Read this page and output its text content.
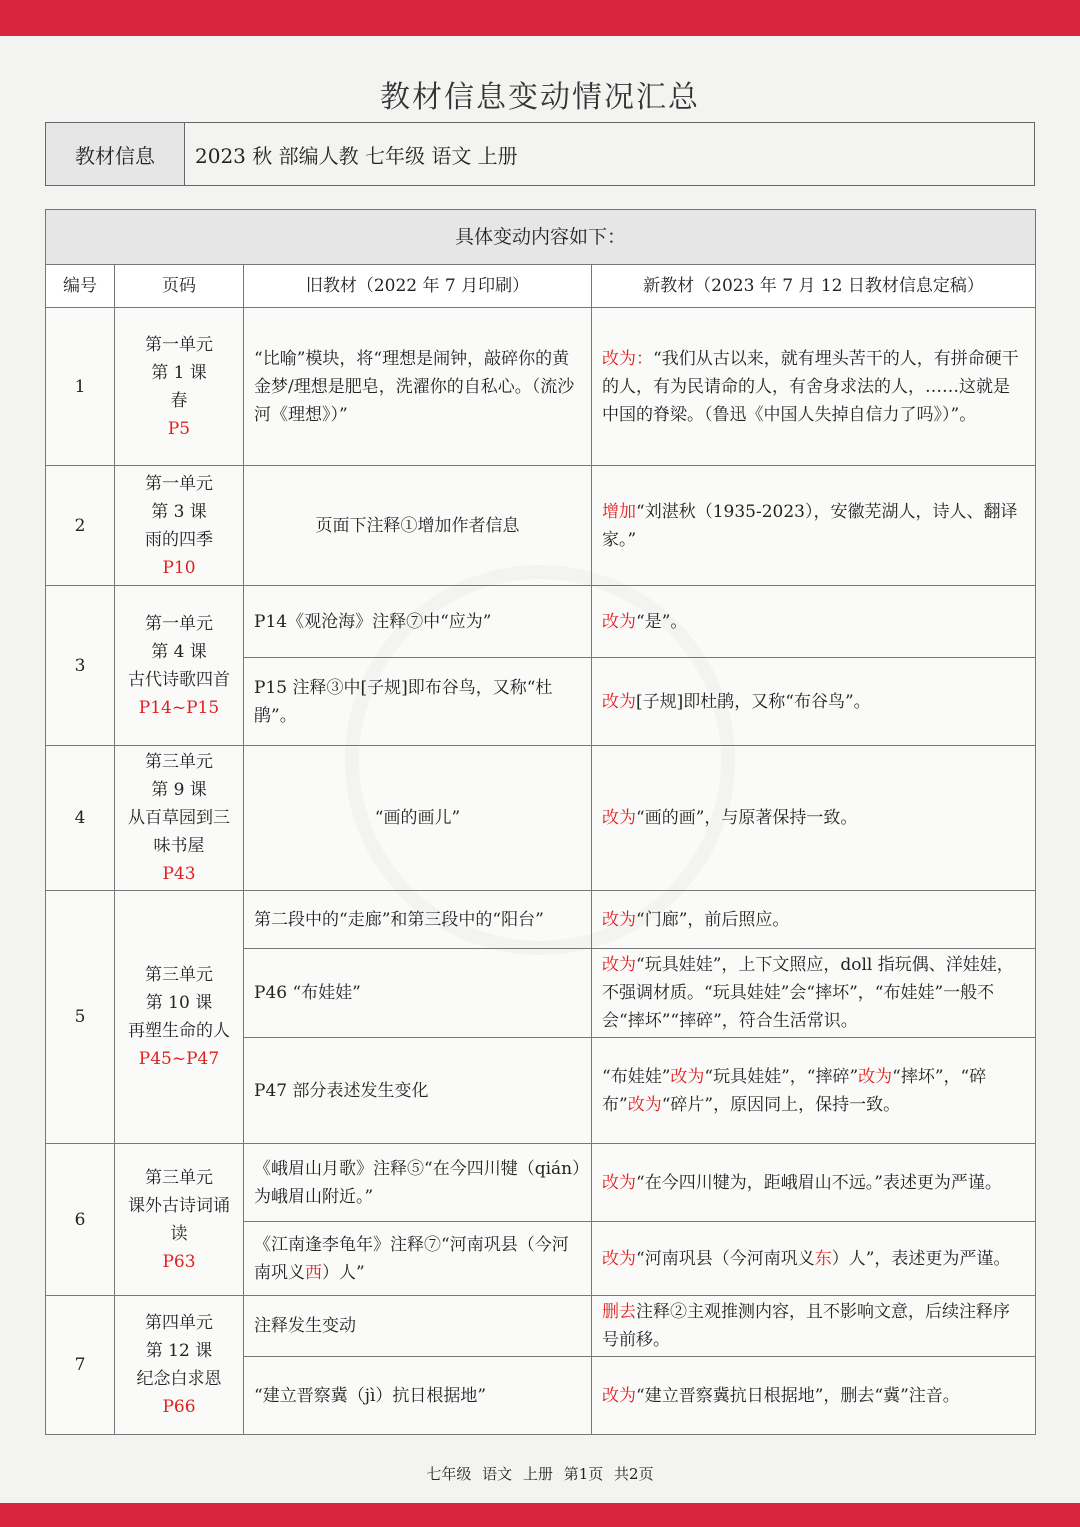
教材信息变动情况汇总
教材信息	2023 秋 部编人教 七年级 语文 上册
具体变动内容如下：			
编号	页码	旧教材（2022 年 7 月印刷）	新教材（2023 年 7 月 12 日教材信息定稿）
1	第一单元
第 1 课
春
P5	“比喻”模块，将“理想是闹钟，敲碎你的黄金梦/理想是肥皂，洗濯你的自私心。（流沙河《理想》）”	改为：“我们从古以来，就有埋头苦干的人，有拼命硬干的人，有为民请命的人，有舍身求法的人，……这就是中国的脊梁。（鲁迅《中国人失掉自信力了吗》）”。
2	第一单元
第 3 课
雨的四季
P10	页面下注释①增加作者信息	增加“刘湛秋（1935-2023），安徽芜湖人，诗人、翻译家。”
3	第一单元
第 4 课
古代诗歌四首
P14~P15	P14《观沧海》注释⑦中“应为”	改为“是”。
		P15 注释③中[子规]即布谷鸟，又称“杜鹃”。	改为[子规]即杜鹃，又称“布谷鸟”。
4	第三单元
第 9 课
从百草园到三味书屋
P43	“画的画儿”	改为“画的画”，与原著保持一致。
5	第三单元
第 10 课
再塑生命的人
P45~P47	第二段中的“走廊”和第三段中的“阳台”	改为“门廊”，前后照应。
		P46 “布娃娃”	改为“玩具娃娃”，上下文照应，doll 指玩偶、洋娃娃，不强调材质。“玩具娃娃”会“摔坏”，“布娃娃”一般不会“摔坏”“摔碎”，符合生活常识。
		P47 部分表述发生变化	“布娃娃”改为“玩具娃娃”，“摔碎”改为“摔坏”，“碎布”改为“碎片”，原因同上，保持一致。
6	第三单元
课外古诗词诵读
P63	《峨眉山月歌》注释⑤“在今四川犍（qián）为峨眉山附近。”	改为“在今四川犍为，距峨眉山不远。”表述更为严谨。
		《江南逢李龟年》注释⑦“河南巩县（今河南巩义西）人”	改为“河南巩县（今河南巩义东）人”，表述更为严谨。
7	第四单元
第 12 课
纪念白求恩
P66	注释发生变动	删去注释②主观推测内容，且不影响文意，后续注释序号前移。
		“建立晋察冀（jì）抗日根据地”	改为“建立晋察冀抗日根据地”，删去“冀”注音。
七年级 语文 上册 第1页 共2页
